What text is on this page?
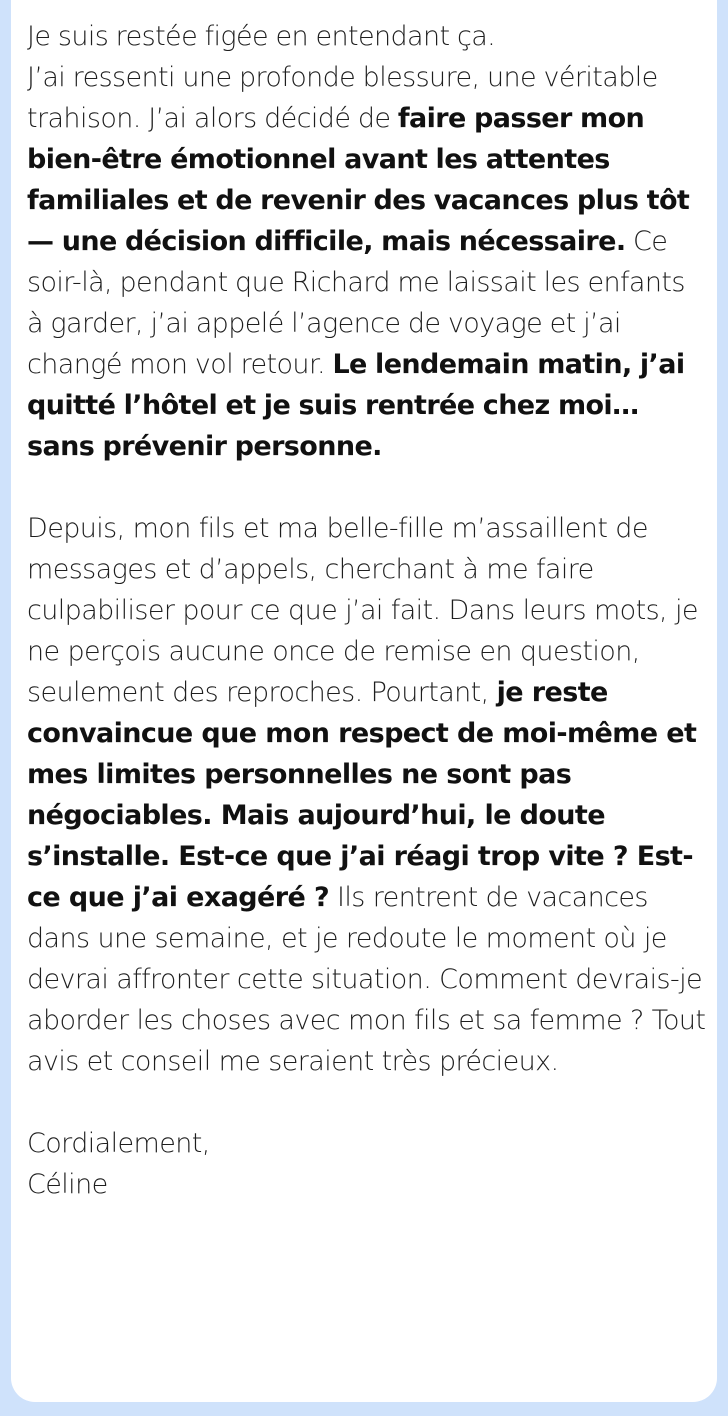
Je suis restée figée en entendant ça.
J’ai ressenti une profonde blessure, une véritable trahison. J’ai alors décidé de faire passer mon bien-être émotionnel avant les attentes familiales et de revenir des vacances plus tôt — une décision difficile, mais nécessaire. Ce soir-là, pendant que Richard me laissait les enfants à garder, j’ai appelé l’agence de voyage et j’ai changé mon vol retour. Le lendemain matin, j’ai quitté l’hôtel et je suis rentrée chez moi… sans prévenir personne.

Depuis, mon fils et ma belle-fille m’assaillent de messages et d’appels, cherchant à me faire culpabiliser pour ce que j’ai fait. Dans leurs mots, je ne perçois aucune once de remise en question, seulement des reproches. Pourtant, je reste convaincue que mon respect de moi-même et mes limites personnelles ne sont pas négociables. Mais aujourd’hui, le doute s’installe. Est-ce que j’ai réagi trop vite ? Est-ce que j’ai exagéré ? Ils rentrent de vacances dans une semaine, et je redoute le moment où je devrai affronter cette situation. Comment devrais-je aborder les choses avec mon fils et sa femme ? Tout avis et conseil me seraient très précieux.

Cordialement,
Céline
